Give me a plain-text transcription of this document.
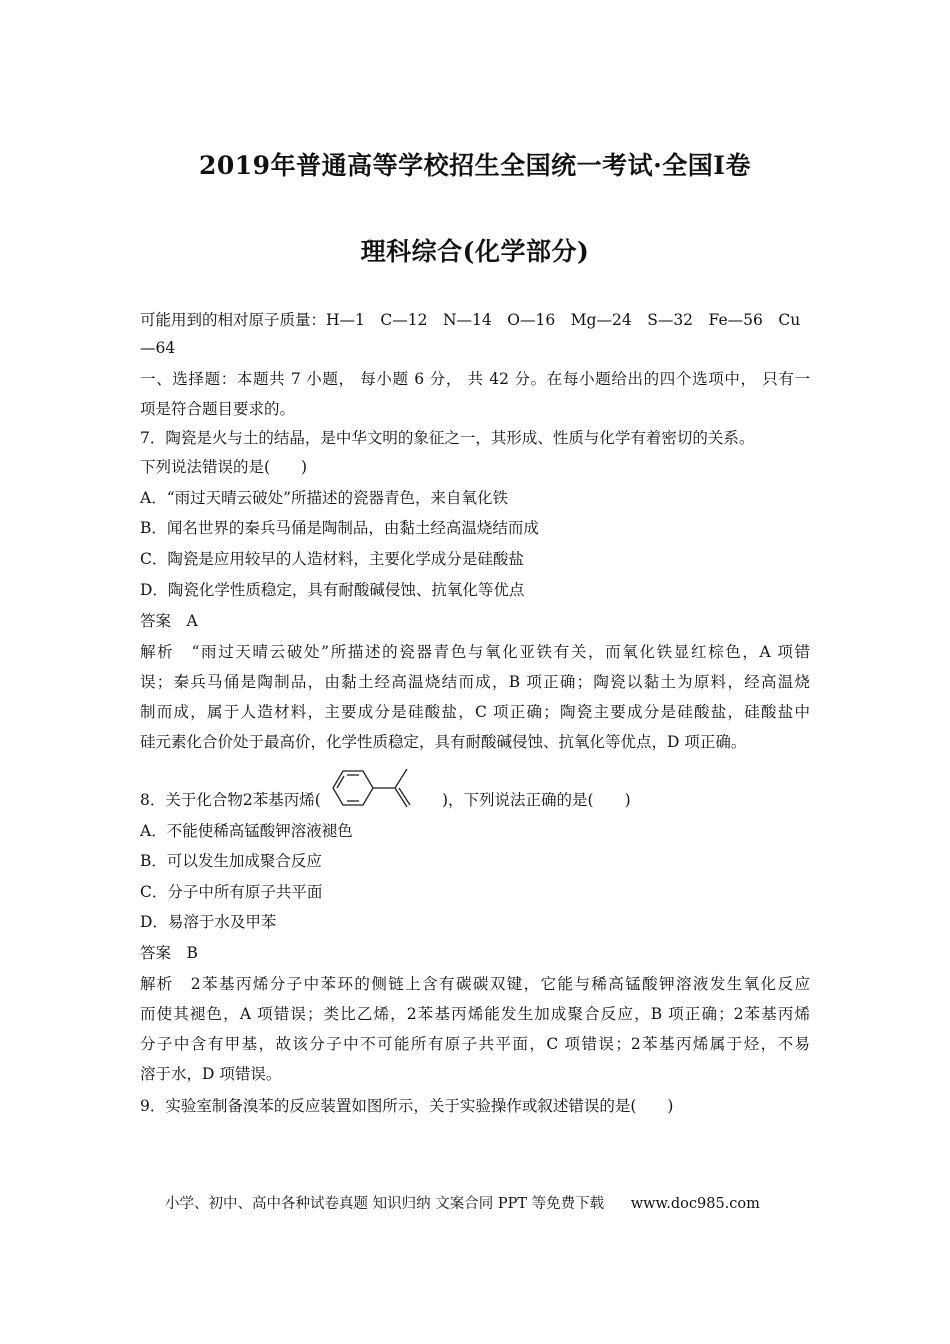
2019年普通高等学校招生全国统一考试·全国Ⅰ卷
理科综合(化学部分)
可能用到的相对原子质量：H—1　C—12　N—14　O—16　Mg—24　S—32　Fe—56　Cu
—64
一、选择题：本题共 7 小题， 每小题 6 分， 共 42 分。在每小题给出的四个选项中， 只有一
项是符合题目要求的。
7．陶瓷是火与土的结晶，是中华文明的象征之一，其形成、性质与化学有着密切的关系。
下列说法错误的是(　　)
A．“雨过天晴云破处”所描述的瓷器青色，来自氧化铁
B．闻名世界的秦兵马俑是陶制品，由黏土经高温烧结而成
C．陶瓷是应用较早的人造材料，主要化学成分是硅酸盐
D．陶瓷化学性质稳定，具有耐酸碱侵蚀、抗氧化等优点
答案　A
解析　“雨过天晴云破处”所描述的瓷器青色与氧化亚铁有关，而氧化铁显红棕色，A 项错
误；秦兵马俑是陶制品，由黏土经高温烧结而成，B 项正确；陶瓷以黏土为原料，经高温烧
制而成，属于人造材料，主要成分是硅酸盐，C 项正确；陶瓷主要成分是硅酸盐，硅酸盐中
硅元素化合价处于最高价，化学性质稳定，具有耐酸碱侵蚀、抗氧化等优点，D 项正确。
8．关于化合物2苯基丙烯(	)，下列说法正确的是(　　)
A．不能使稀高锰酸钾溶液褪色
B．可以发生加成聚合反应
C．分子中所有原子共平面
D．易溶于水及甲苯
答案　B
解析　2苯基丙烯分子中苯环的侧链上含有碳碳双键，它能与稀高锰酸钾溶液发生氧化反应
而使其褪色，A 项错误；类比乙烯，2苯基丙烯能发生加成聚合反应，B 项正确；2苯基丙烯
分子中含有甲基，故该分子中不可能所有原子共平面，C 项错误；2苯基丙烯属于烃，不易
溶于水，D 项错误。
9．实验室制备溴苯的反应装置如图所示，关于实验操作或叙述错误的是(　　)
小学、初中、高中各种试卷真题 知识归纳 文案合同 PPT 等免费下载 www.doc985.com
